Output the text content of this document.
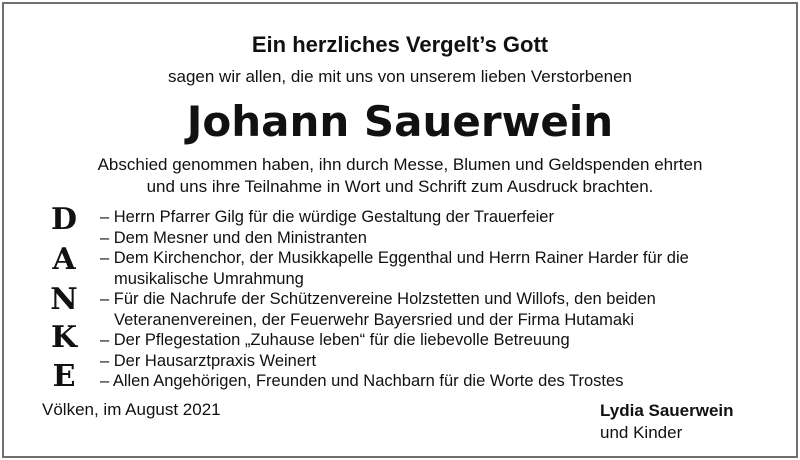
Ein herzliches Vergelt’s Gott
sagen wir allen, die mit uns von unserem lieben Verstorbenen
Johann Sauerwein
Abschied genommen haben, ihn durch Messe, Blumen und Geldspenden ehrten
und uns ihre Teilnahme in Wort und Schrift zum Ausdruck brachten.
D
A
N
K
E
– Herrn Pfarrer Gilg für die würdige Gestaltung der Trauerfeier
– Dem Mesner und den Ministranten
– Dem Kirchenchor, der Musikkapelle Eggenthal und Herrn Rainer Harder für die
musikalische Umrahmung
– Für die Nachrufe der Schützenvereine Holzstetten und Willofs, den beiden
Veteranenvereinen, der Feuerwehr Bayersried und der Firma Hutamaki
– Der Pflegestation „Zuhause leben“ für die liebevolle Betreuung
– Der Hausarztpraxis Weinert
– Allen Angehörigen, Freunden und Nachbarn für die Worte des Trostes
Völken, im August 2021	Lydia Sauerwein
und Kinder
